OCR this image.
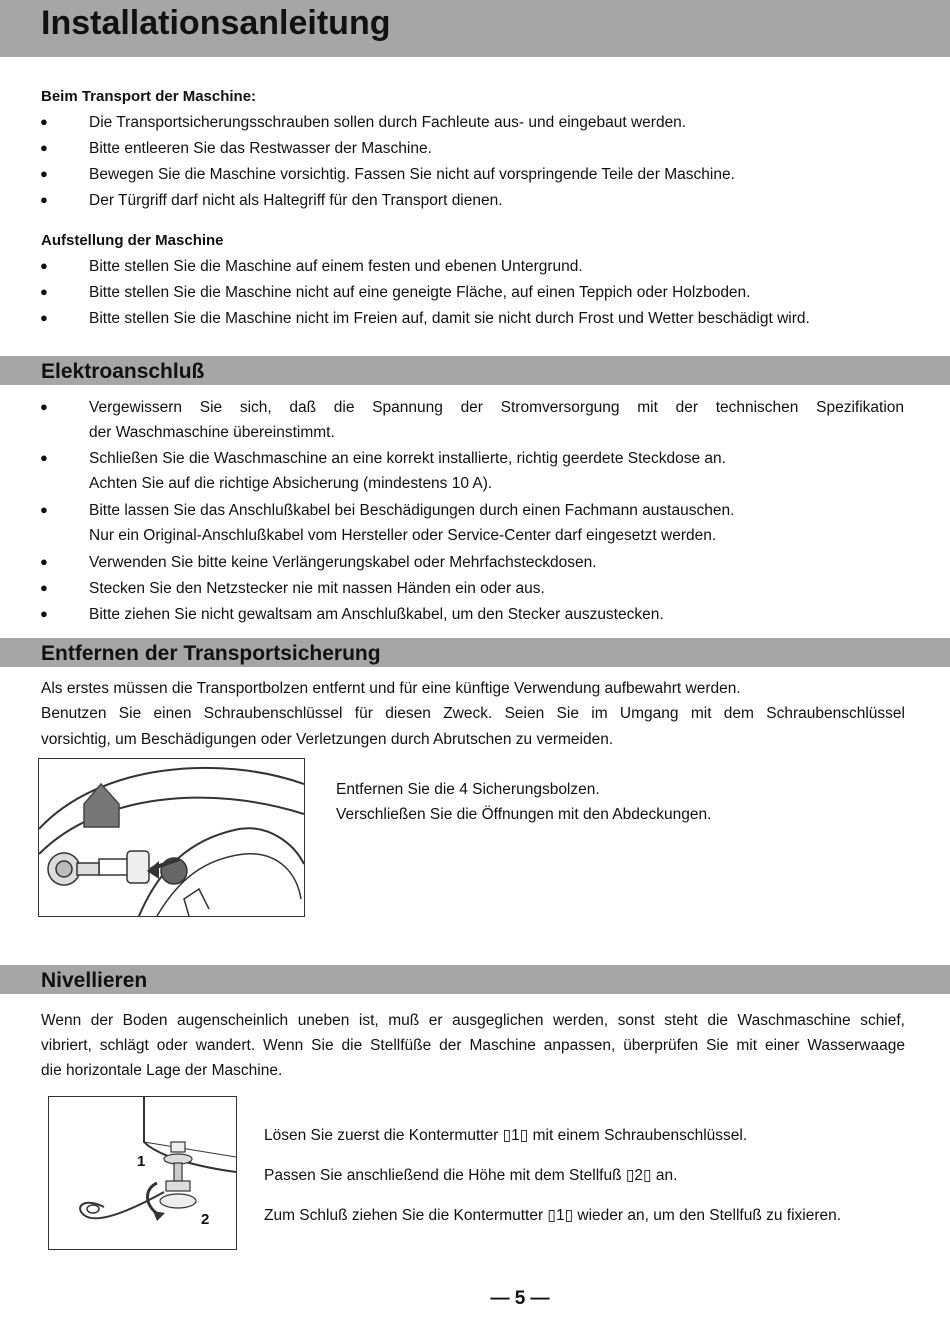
Installationsanleitung
Beim Transport der Maschine:
●	Die Transportsicherungsschrauben sollen durch Fachleute aus- und eingebaut werden.
●	Bitte entleeren Sie das Restwasser der Maschine.
●	Bewegen Sie die Maschine vorsichtig. Fassen Sie nicht auf vorspringende Teile der Maschine.
●	Der Türgriff darf nicht als Haltegriff für den Transport dienen.
Aufstellung der Maschine
●	Bitte stellen Sie die Maschine auf einem festen und ebenen Untergrund.
●	Bitte stellen Sie die Maschine nicht auf eine geneigte Fläche, auf einen Teppich oder Holzboden.
●	Bitte stellen Sie die Maschine nicht im Freien auf, damit sie nicht durch Frost und Wetter beschädigt wird.
Elektroanschluß
●	Vergewissern Sie sich, daß die Spannung der Stromversorgung mit der technischen Spezifikation
der Waschmaschine übereinstimmt.
●	Schließen Sie die Waschmaschine an eine korrekt installierte, richtig geerdete Steckdose an.
Achten Sie auf die richtige Absicherung (mindestens 10 A).
●	Bitte lassen Sie das Anschlußkabel bei Beschädigungen durch einen Fachmann austauschen.
Nur ein Original-Anschlußkabel vom Hersteller oder Service-Center darf eingesetzt werden.
●	Verwenden Sie bitte keine Verlängerungskabel oder Mehrfachsteckdosen.
●	Stecken Sie den Netzstecker nie mit nassen Händen ein oder aus.
●	Bitte ziehen Sie nicht gewaltsam am Anschlußkabel, um den Stecker auszustecken.
Entfernen der Transportsicherung
Als erstes müssen die Transportbolzen entfernt und für eine künftige Verwendung aufbewahrt werden.
Benutzen Sie einen Schraubenschlüssel für diesen Zweck. Seien Sie im Umgang mit dem Schraubenschlüssel
vorsichtig, um Beschädigungen oder Verletzungen durch Abrutschen zu vermeiden.
Entfernen Sie die 4 Sicherungsbolzen.
Verschließen Sie die Öffnungen mit den Abdeckungen.
Nivellieren
Wenn der Boden augenscheinlich uneben ist, muß er ausgeglichen werden, sonst steht die Waschmaschine schief,
vibriert, schlägt oder wandert. Wenn Sie die Stellfüße der Maschine anpassen, überprüfen Sie mit einer Wasserwaage
die horizontale Lage der Maschine.
1
2
Lösen Sie zuerst die Kontermutter ▯1▯ mit einem Schraubenschlüssel.
Passen Sie anschließend die Höhe mit dem Stellfuß ▯2▯ an.
Zum Schluß ziehen Sie die Kontermutter ▯1▯ wieder an, um den Stellfuß zu fixieren.
— 5 —
